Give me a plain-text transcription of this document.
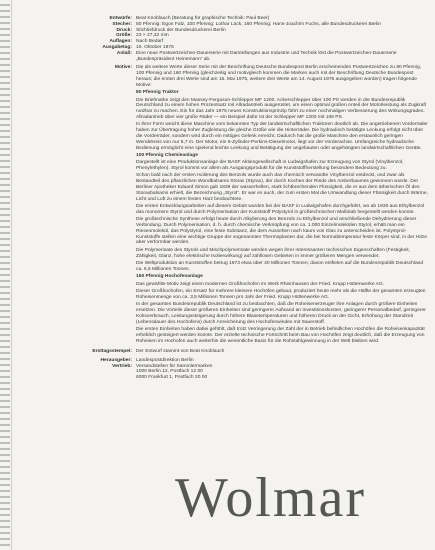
Entwürfe: Beat Knoblauch (Beratung für graphische Technik: Paul Beer)
Stecher: 80 Pfennig: Egon Falz, 100 Pfennig: Lothar Lück, 160 Pfennig: Hans-Joachim Fuchs, alle Bundesdruckerei Berlin
Druck: Stichtiefdruck der Bundesdruckerei Berlin
Größe: 23 × 27,32 mm
Auflagen: Nach Bedarf
Ausgabetag: 15. Oktober 1975
Anlaß: Eine neue Postwertzeichen-Dauerserie mit Darstellungen aus Industrie und Technik löst die Postwertzeichen-Dauerserie „Bundespräsident Heinemann“ ab.
Motive: Die als weitere Werte dieser Serie mit der Beschriftung Deutsche Bundespost Berlin erscheinenden Postwertzeichen zu 80 Pfennig, 100 Pfennig und 160 Pfennig (gleichzeitig und motivgleich kommen die Marken auch mit der Beschriftung Deutsche Bundespost heraus; die ersten drei Werte sind am 15. Mai 1975, weitere drei Werte am 14. August 1975 ausgegeben worden) tragen folgende Motive:

80 Pfennig Traktor

Die Briefmarke zeigt den Massey-Ferguson-Schlepper MF 1200. Ackerschlepper über 100 PS werden in der Bundesrepublik Deutschland zu einem hohen Prozentsatz mit Allradantrieb ausgerüstet, um einen optimal großen Anteil der Motorleistung als Zugkraft nutzbar zu machen. Ein für das Jahr 1975 neues Konstruktionsprinzip führt zu einer nochmaligen Verbesserung des Wirkungsgrades. Allradantrieb über vier große Räder — ein Beispiel dafür ist der Schlepper MF 1200 mit 108 PS.

In ihrer Form weicht diese Maschine vom bekannten Typ der landwirtschaftlichen Traktoren deutlich ab. Die angetriebenen Vorderräder haben zur Übertragung hoher Zugleistung die gleiche Größe wie die Hinterräder. Die hydraulisch betätigte Lenkung erfolgt nicht über die Vorderräder, sondern wird durch ein mittiges Gelenk erreicht. Dadurch hat die große Maschine den erstaunlich geringen Wendekreis von nur 5,7 m. Der Motor, ein 6-Zylinder-Perkins-Dieselmotor, liegt vor der Vorderachse. Umfangreiche hydraulische Bedienung ermöglicht eine spielend leichte Lenkung und Betätigung der angebauten oder angehängten landwirtschaftlichen Geräte.

100 Pfennig Chemieanlage

Dargestellt ist eine Produktionsanlage der BASF Aktiengesellschaft in Ludwigshafen zur Erzeugung von Styrol (Vinylbenzol, Phenylethylen). Styrol kommt vor allem als Ausgangsprodukt für die Kunststoffherstellung besondere Bedeutung zu.

Schon bald nach der ersten Isolierung des Benzols wurde auch das chemisch verwandte Vinylbenzol entdeckt, und zwar als Bestandteil des pflanzlichen Wundbalsams Storax (Styrax), der durch Kochen der Rinde des Amberbaumes gewonnen wurde. Der Berliner Apotheker Eduard Simon gab 1839 der wasserhellen, stark lichtbrechenden Flüssigkeit, die er aus dem ätherischen Öl des Storaxbalsams erhielt, die Bezeichnung „Styrol“. Er war es auch, der zum ersten Mal die Umwandlung dieser Flüssigkeit durch Wärme, Licht und Luft zu einem festen Harz beobachtete.

Die ersten Entwicklungsarbeiten auf diesem Gebiet wurden bei der BASF in Ludwigshafen durchgeführt, wo ab 1930 aus Ethylbenzol das monomere Styrol und durch Polymerisation der Kunststoff Polystyrol in großtechnischen Maßstab hergestellt werden konnte.

Die großtechnische Synthese erfolgt heute durch Alkylierung des Benzols zu Ethylbenzol und anschließende Dehydrierung dieser Verbindung. Durch Polymerisation, d. h. durch chemische Verknüpfung von ca. 1.000 Einzelmolekülen Styrol, erhält man ein Riesenmolekül, das Polystyrol, eine feste Substanz, die dem Aussehen nach kaum von Glas zu unterscheiden ist. Polystyrol-Kunststoffe stellen eine wichtige Gruppe der sogenannten Thermoplasten dar, die bei Normaltemperatur feste Körper sind, in der Hitze aber verformbar werden.

Die Polymerisate des Styrols und Mischpolymerisate werden wegen ihrer interessanten technischen Eigenschaften (Festigkeit, Zähigkeit, Glanz, hohe elektrische Isolierwirkung) auf zahllosen Gebieten in immer größeren Mengen verwendet.

Die Weltproduktion an Kunststoffen betrug 1973 etwa über 40 Millionen Tonnen; davon entfielen auf die Bundesrepublik Deutschland ca. 6,5 Millionen Tonnen.

160 Pfennig Hochofenanlage

Das gewählte Motiv zeigt einen modernen Großhochofen im Werk Rheinhausen der Fried. Krupp Hüttenwerke AG.

Dieser Großhochofen, ein Ersatz für mehrere kleinere Hochöfen gebaut, produziert heute mehr als die Hälfte der gesamten erzeugten Roheisenmenge von ca. 3,5 Millionen Tonnen pro Jahr der Fried. Krupp Hüttenwerke AG.

In der gesamten Bundesrepublik Deutschland ist zu beobachten, daß die Roheisenerzeuger ihre Anlagen durch größere Einheiten ersetzen. Die Vorteile dieser größeren Einheiten sind geringerer Aufwand an Investitionskosten, geringerer Personalbedarf, geringerer Koksverbrauch, Leistungssteigerung durch höhere Blasetemperaturen und höheren Druck an der Gicht, Erhöhung der Standzeit (Lebensdauer des Hochofens) durch Anreicherung des Hochofenwindes mit Sauerstoff.

Die ersten Einheiten haben dabei gefühlt, daß trotz Verringerung der Zahl der in Betrieb befindlichen Hochöfen die Roheisenkapazität erheblich gesteigert werden konnte. Der erzielte technische Fortschritt beim Bau von Hochöfen zeigt deutlich, daß die Erzeugung von Roheisen im Hochofen auch weiterhin die wesentliche Basis für die Rohstahlgewinnung in der Welt bleiben wird.

Ersttagsstempel: Der Entwurf stammt von Beat Knoblauch
Herausgeber: Landespostdirektion Berlin
Vertrieb: Versandstellen für Sammlermarken
1000 Berlin 12, Postfach 12 00
6000 Frankfurt 1, Postfach 20 00
Wolmar
